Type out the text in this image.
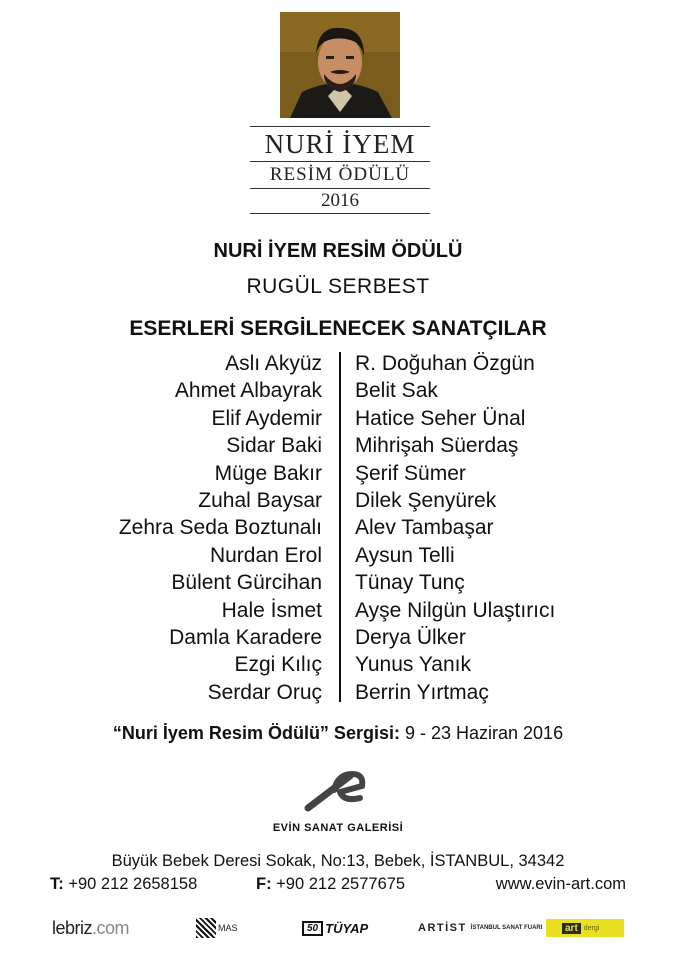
NURİ İYEM
RESİM ÖDÜLÜ
2016
NURİ İYEM RESİM ÖDÜLÜ
RUGÜL SERBEST
ESERLERİ SERGİLENECEK SANATÇILAR
Aslı Akyüz
Ahmet Albayrak
Elif Aydemir
Sidar Baki
Müge Bakır
Zuhal Baysar
Zehra Seda Boztunalı
Nurdan Erol
Bülent Gürcihan
Hale İsmet
Damla Karadere
Ezgi Kılıç
Serdar Oruç
R. Doğuhan Özgün
Belit Sak
Hatice Seher Ünal
Mihrişah Süerdaş
Şerif Sümer
Dilek Şenyürek
Alev Tambaşar
Aysun Telli
Tünay Tunç
Ayşe Nilgün Ulaştırıcı
Derya Ülker
Yunus Yanık
Berrin Yırtmaç
“Nuri İyem Resim Ödülü” Sergisi: 9 - 23 Haziran 2016
EVİN SANAT GALERİSİ
Büyük Bebek Deresi Sokak, No:13, Bebek, İSTANBUL, 34342
T: +90 212 2658158	F: +90 212 2577675	www.evin-art.com
lebriz .com	MAS	50 TÜYAP	ARTİST İSTANBUL SANAT FUARI	art dergi
